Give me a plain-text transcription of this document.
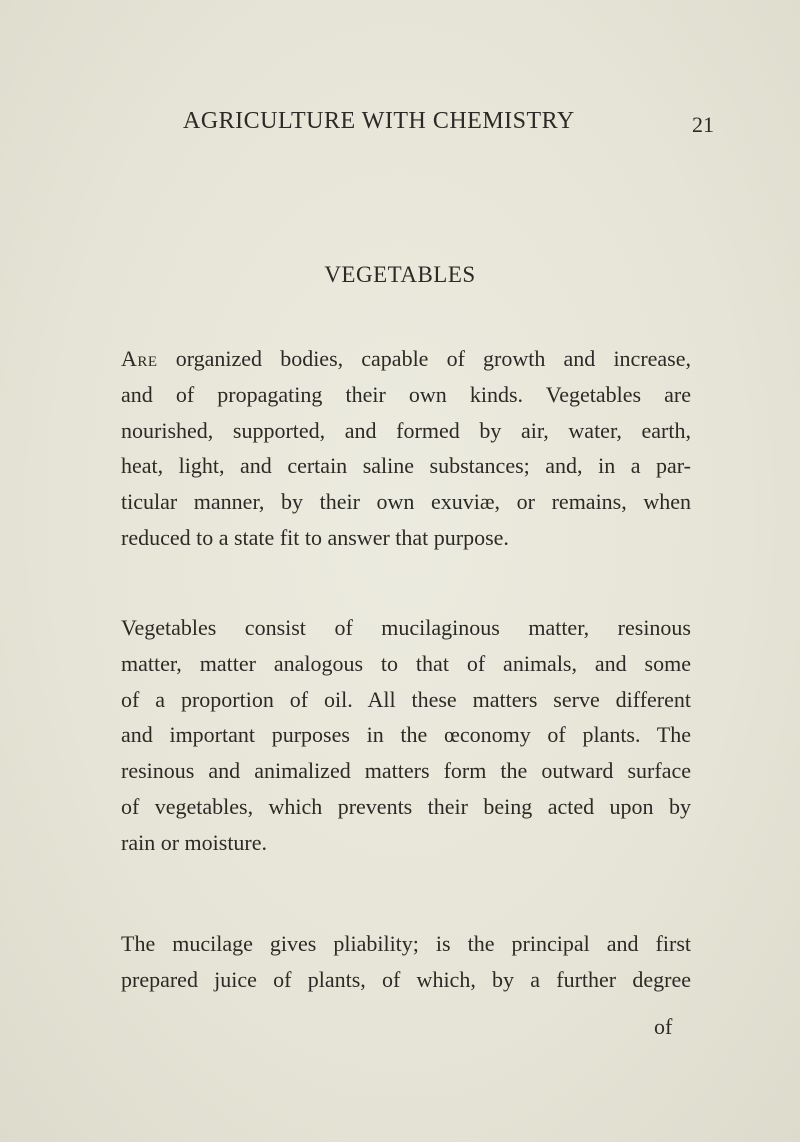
AGRICULTURE WITH CHEMISTRY	21
VEGETABLES
Are organized bodies, capable of growth and increase,
and of propagating their own kinds. Vegetables are
nourished, supported, and formed by air, water, earth,
heat, light, and certain saline substances; and, in a par-
ticular manner, by their own exuviæ, or remains, when
reduced to a state fit to answer that purpose.
Vegetables consist of mucilaginous matter, resinous
matter, matter analogous to that of animals, and some
of a proportion of oil. All these matters serve different
and important purposes in the œconomy of plants. The
resinous and animalized matters form the outward surface
of vegetables, which prevents their being acted upon by
rain or moisture.
The mucilage gives pliability; is the principal and first
prepared juice of plants, of which, by a further degree
of
